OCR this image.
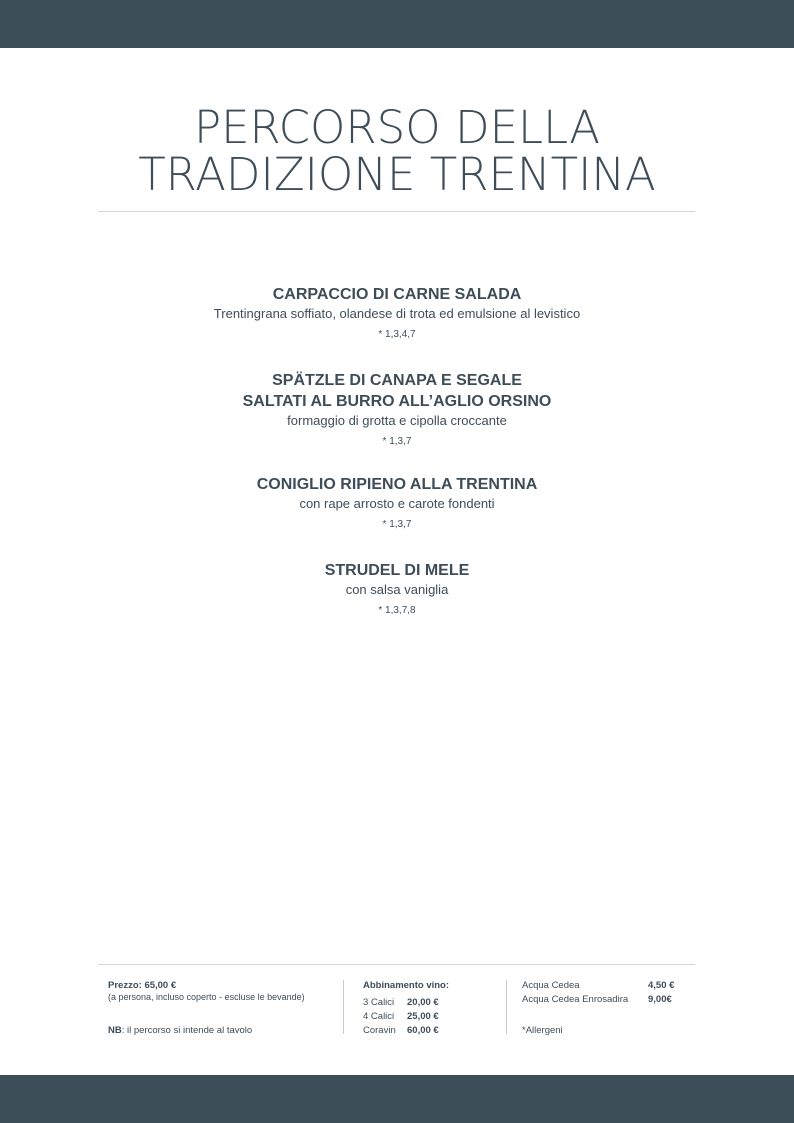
PERCORSO DELLA
TRADIZIONE TRENTINA
CARPACCIO DI CARNE SALADA
Trentingrana soffiato, olandese di trota ed emulsione al levistico
* 1,3,4,7
SPÄTZLE DI CANAPA E SEGALE
SALTATI AL BURRO ALL’AGLIO ORSINO
formaggio di grotta e cipolla croccante
* 1,3,7
CONIGLIO RIPIENO ALLA TRENTINA
con rape arrosto e carote fondenti
* 1,3,7
STRUDEL DI MELE
con salsa vaniglia
* 1,3,7,8
Prezzo: 65,00 €
(a persona, incluso coperto - escluse le bevande)
NB: il percorso si intende al tavolo
Abbinamento vino:
3 Calici 20,00 €
4 Calici 25,00 €
Coravin 60,00 €
Acqua Cedea	4,50 €
Acqua Cedea Enrosadira 9,00€
*Allergeni
